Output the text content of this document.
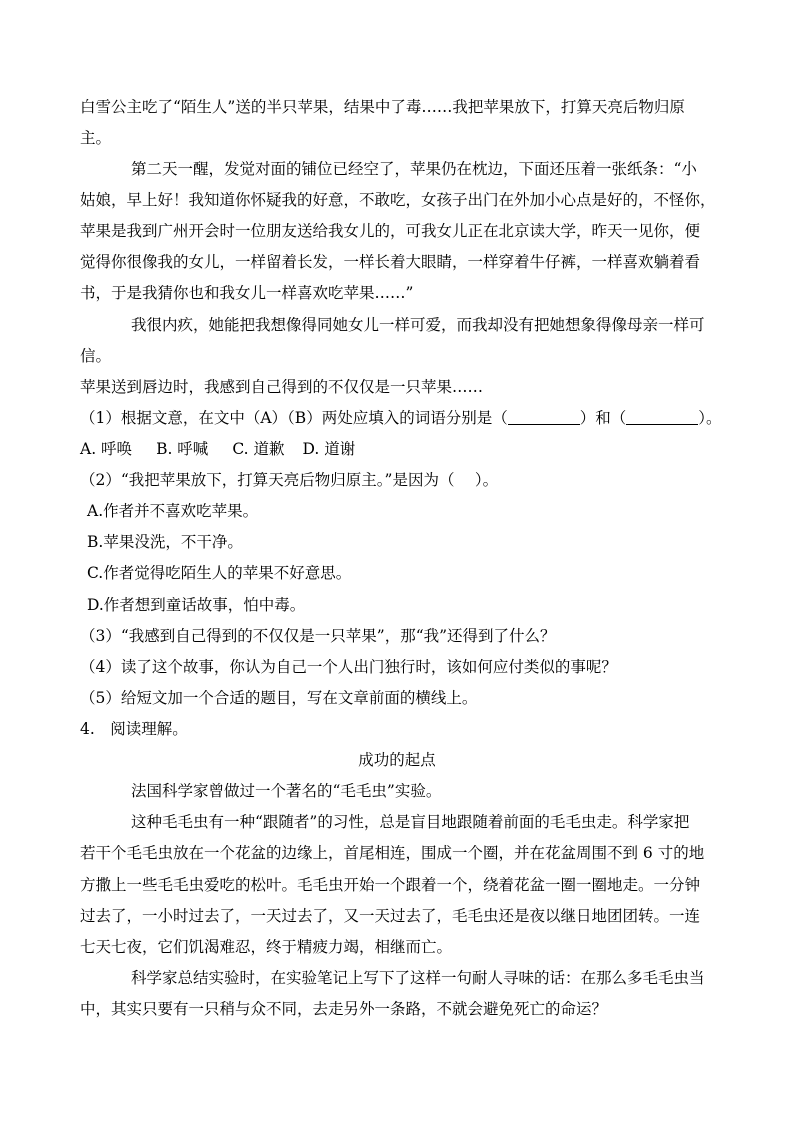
白雪公主吃了“陌生人”送的半只苹果，结果中了毒……我把苹果放下，打算天亮后物归原
主。
第二天一醒，发觉对面的铺位已经空了，苹果仍在枕边，下面还压着一张纸条：“小
姑娘，早上好！我知道你怀疑我的好意，不敢吃，女孩子出门在外加小心点是好的，不怪你，
苹果是我到广州开会时一位朋友送给我女儿的，可我女儿正在北京读大学，昨天一见你，便
觉得你很像我的女儿，一样留着长发，一样长着大眼睛，一样穿着牛仔裤，一样喜欢躺着看
书，于是我猜你也和我女儿一样喜欢吃苹果……”
我很内疚，她能把我想像得同她女儿一样可爱，而我却没有把她想象得像母亲一样可
信。
苹果送到唇边时，我感到自己得到的不仅仅是一只苹果……
（1）根据文意，在文中（A）（B）两处应填入的词语分别是（	）和（	）。
A. 呼唤 B. 呼喊 C. 道歉 D. 道谢
（2）“我把苹果放下，打算天亮后物归原主。”是因为（　 ）。
A.作者并不喜欢吃苹果。
B.苹果没洗，不干净。
C.作者觉得吃陌生人的苹果不好意思。
D.作者想到童话故事，怕中毒。
（3）“我感到自己得到的不仅仅是一只苹果”，那“我”还得到了什么？
（4）读了这个故事，你认为自己一个人出门独行时，该如何应付类似的事呢？
（5）给短文加一个合适的题目，写在文章前面的横线上。
4.　阅读理解。
成功的起点
法国科学家曾做过一个著名的“毛毛虫”实验。
这种毛毛虫有一种“跟随者”的习性，总是盲目地跟随着前面的毛毛虫走。科学家把
若干个毛毛虫放在一个花盆的边缘上，首尾相连，围成一个圈，并在花盆周围不到 6 寸的地
方撒上一些毛毛虫爱吃的松叶。毛毛虫开始一个跟着一个，绕着花盆一圈一圈地走。一分钟
过去了，一小时过去了，一天过去了，又一天过去了，毛毛虫还是夜以继日地团团转。一连
七天七夜，它们饥渴难忍，终于精疲力竭，相继而亡。
科学家总结实验时，在实验笔记上写下了这样一句耐人寻味的话：在那么多毛毛虫当
中，其实只要有一只稍与众不同，去走另外一条路，不就会避免死亡的命运？
